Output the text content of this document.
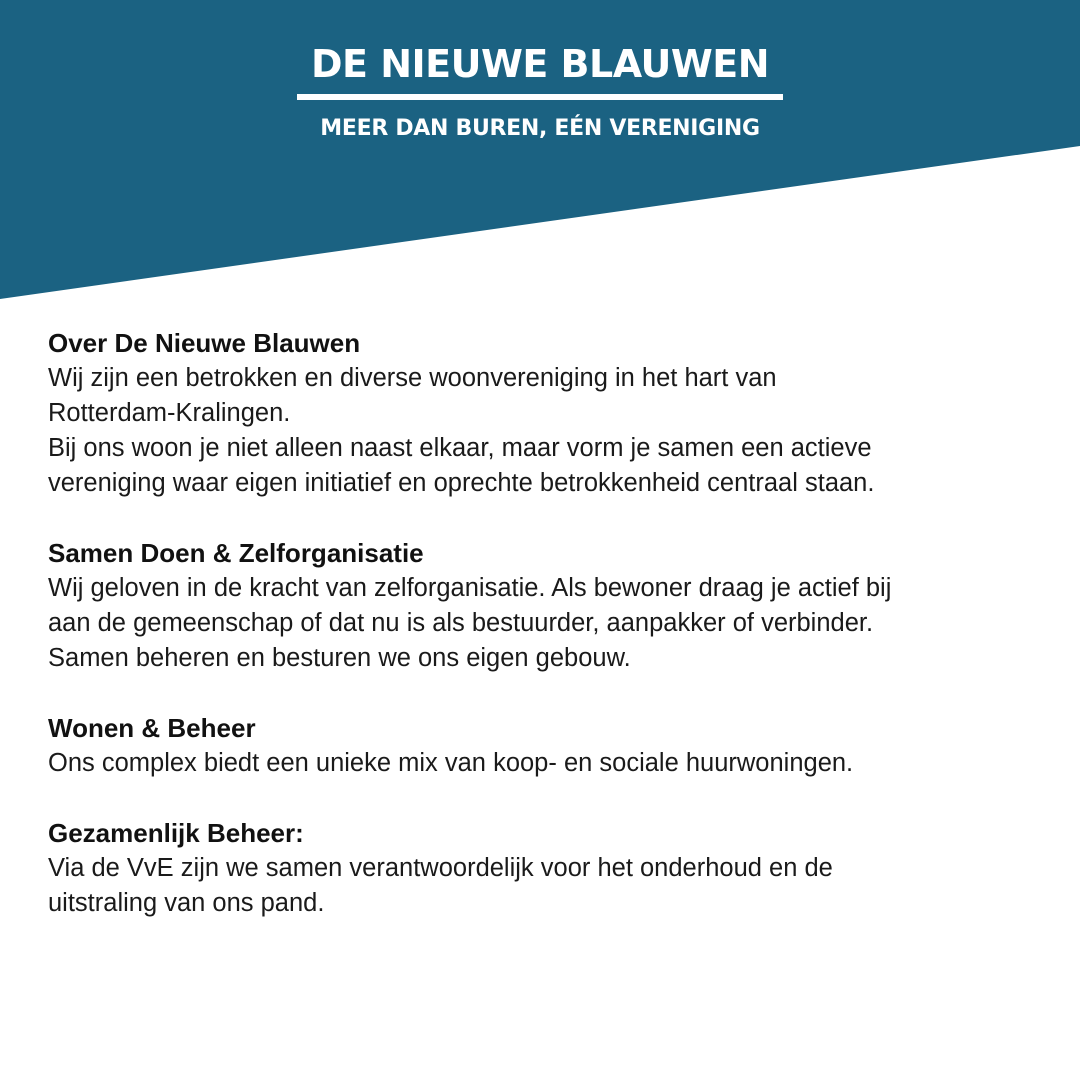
DE NIEUWE BLAUWEN
MEER DAN BUREN, EÉN VERENIGING
Over De Nieuwe Blauwen

Wij zijn een betrokken en diverse woonvereniging in het hart van
Rotterdam-Kralingen.
Bij ons woon je niet alleen naast elkaar, maar vorm je samen een actieve
vereniging waar eigen initiatief en oprechte betrokkenheid centraal staan.

Samen Doen & Zelforganisatie

Wij geloven in de kracht van zelforganisatie. Als bewoner draag je actief bij
aan de gemeenschap of dat nu is als bestuurder, aanpakker of verbinder.
Samen beheren en besturen we ons eigen gebouw.

Wonen & Beheer

Ons complex biedt een unieke mix van koop- en sociale huurwoningen.

Gezamenlijk Beheer:

Via de VvE zijn we samen verantwoordelijk voor het onderhoud en de
uitstraling van ons pand.
